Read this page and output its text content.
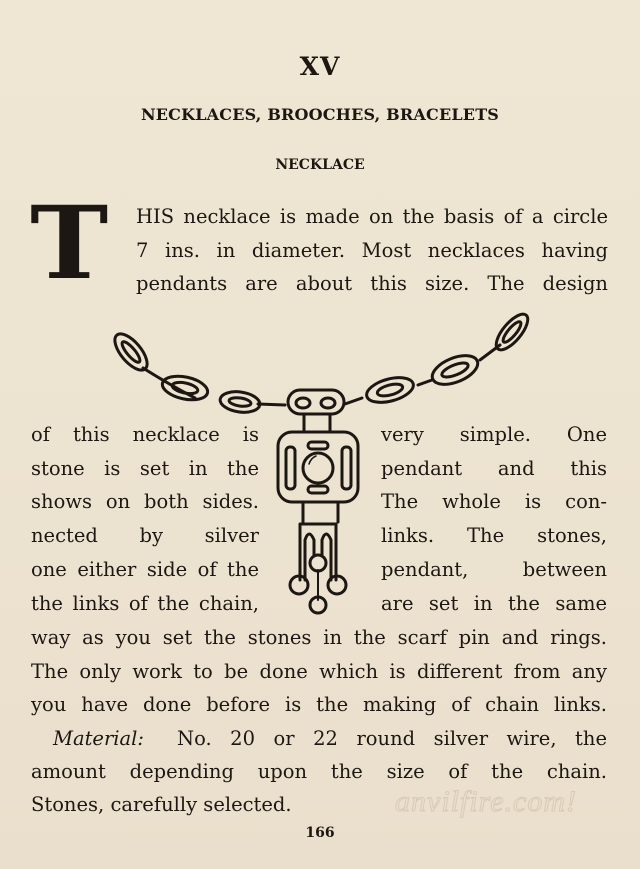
XV
NECKLACES, BROOCHES, BRACELETS
NECKLACE
T HIS necklace is made on the basis of a circle
7 ins. in diameter. Most necklaces having
pendants are about this size. The design
of this necklace is
stone is set in the
shows on both sides.
nected by silver
one either side of the
the links of the chain,
very simple. One
pendant and this
The whole is con-
links. The stones,
pendant, between
are set in the same
way as you set the stones in the scarf pin and rings.
The only work to be done which is different from any
you have done before is the making of chain links.
Material: No. 20 or 22 round silver wire, the
amount depending upon the size of the chain.
Stones, carefully selected.	anvilfire.com!
166
